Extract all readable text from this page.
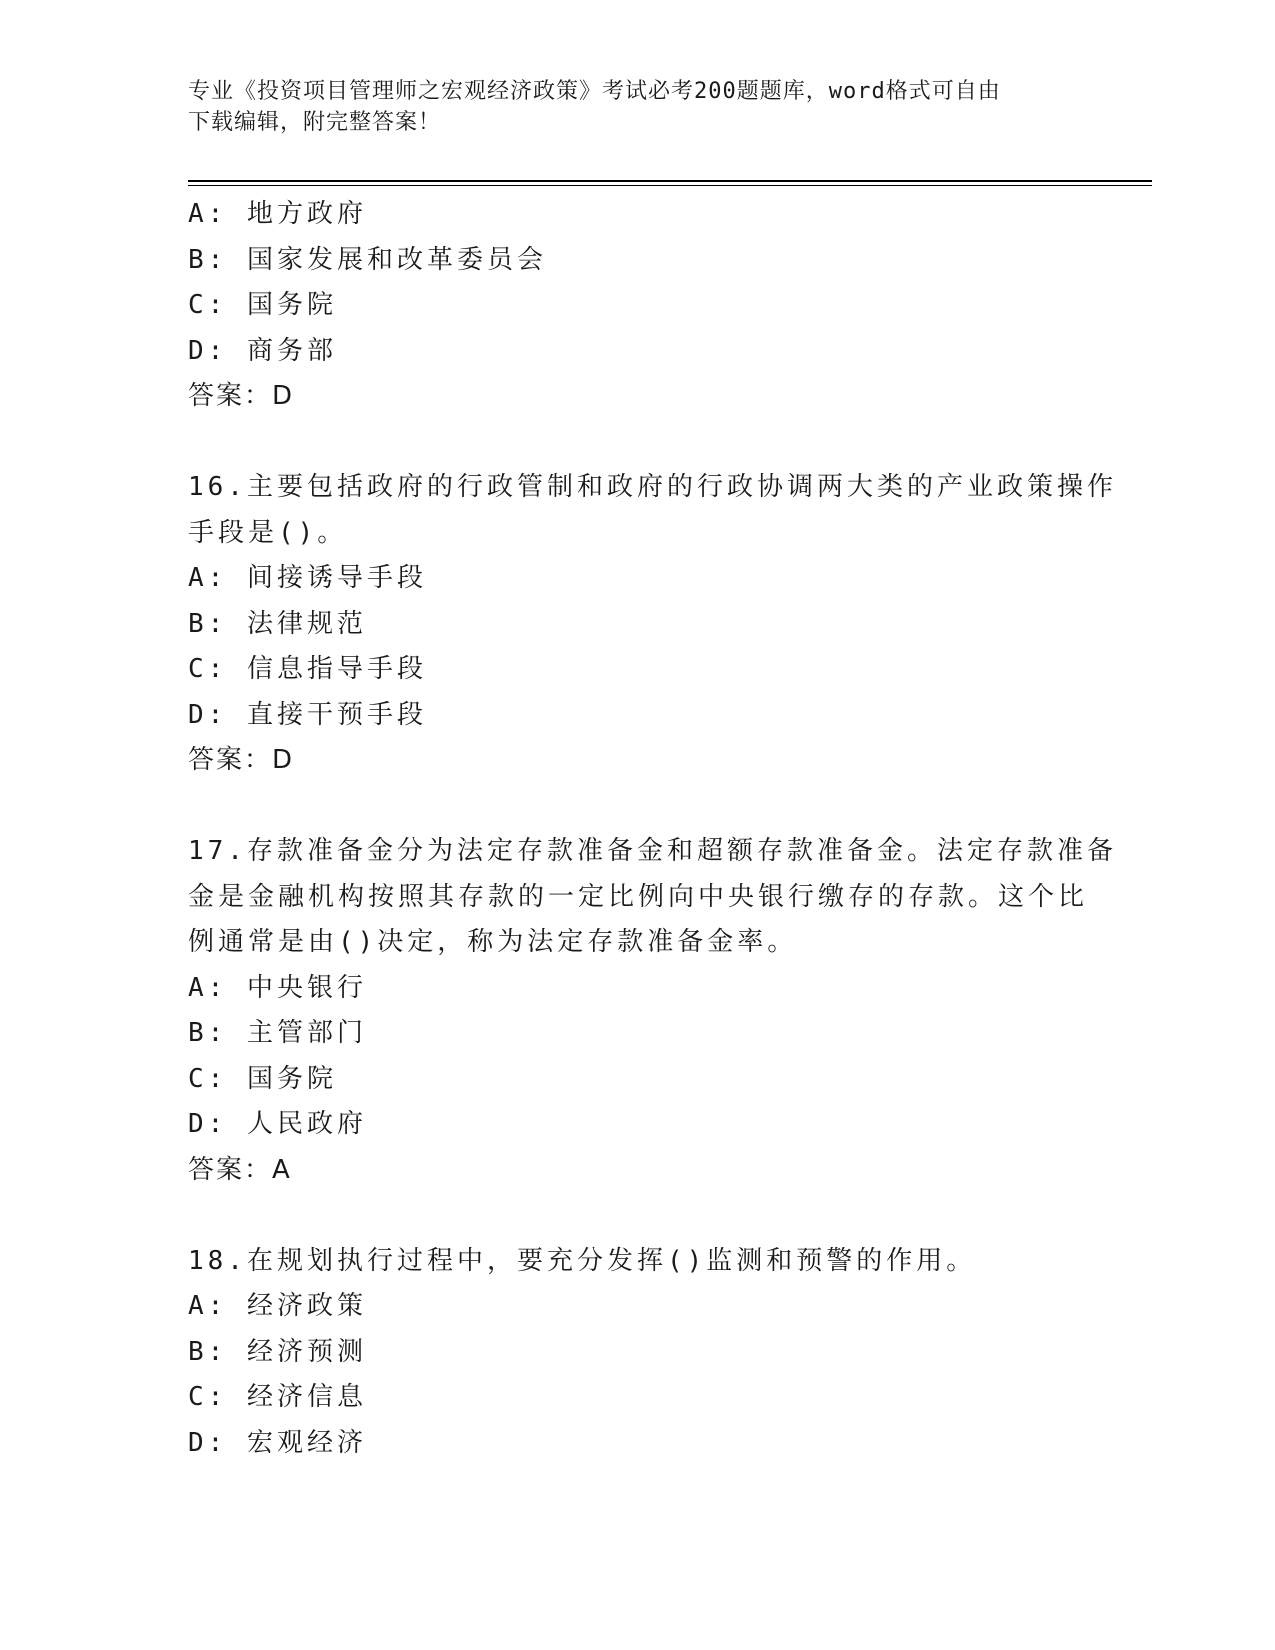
专业《投资项目管理师之宏观经济政策》考试必考200题题库，word格式可自由
下载编辑，附完整答案！
A: 地方政府
B: 国家发展和改革委员会
C: 国务院
D: 商务部
答案：D
16.主要包括政府的行政管制和政府的行政协调两大类的产业政策操作
手段是()。
A: 间接诱导手段
B: 法律规范
C: 信息指导手段
D: 直接干预手段
答案：D
17.存款准备金分为法定存款准备金和超额存款准备金。法定存款准备
金是金融机构按照其存款的一定比例向中央银行缴存的存款。这个比
例通常是由()决定，称为法定存款准备金率。
A: 中央银行
B: 主管部门
C: 国务院
D: 人民政府
答案：A
18.在规划执行过程中，要充分发挥()监测和预警的作用。
A: 经济政策
B: 经济预测
C: 经济信息
D: 宏观经济
